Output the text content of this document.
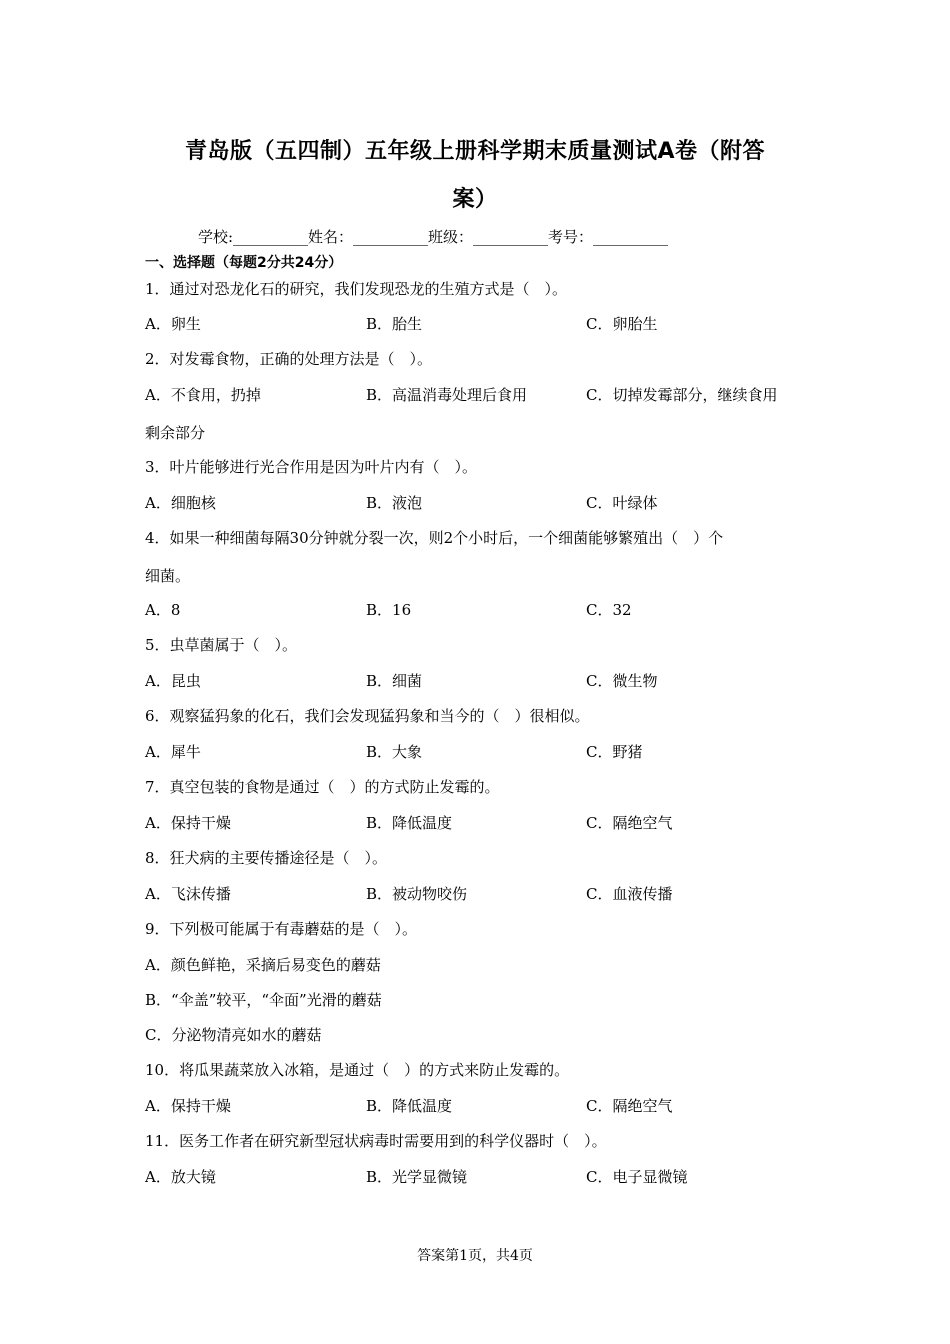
青岛版（五四制）五年级上册科学期末质量测试A卷（附答
案）
学校:__________姓名：__________班级：__________考号：__________
一、选择题（每题2分共24分）
1．通过对恐龙化石的研究，我们发现恐龙的生殖方式是（　）。
A．卵生	B．胎生	C．卵胎生
2．对发霉食物，正确的处理方法是（　）。
A．不食用，扔掉	B．高温消毒处理后食用	C．切掉发霉部分，继续食用
剩余部分
3．叶片能够进行光合作用是因为叶片内有（　）。
A．细胞核	B．液泡	C．叶绿体
4．如果一种细菌每隔30分钟就分裂一次，则2个小时后，一个细菌能够繁殖出（　）个
细菌。
A．8	B．16	C．32
5．虫草菌属于（　）。
A．昆虫	B．细菌	C．微生物
6．观察猛犸象的化石，我们会发现猛犸象和当今的（　）很相似。
A．犀牛	B．大象	C．野猪
7．真空包装的食物是通过（　）的方式防止发霉的。
A．保持干燥	B．降低温度	C．隔绝空气
8．狂犬病的主要传播途径是（　）。
A．飞沫传播	B．被动物咬伤	C．血液传播
9．下列极可能属于有毒蘑菇的是（　）。
A．颜色鲜艳，采摘后易变色的蘑菇
B．“伞盖”较平，“伞面”光滑的蘑菇
C．分泌物清亮如水的蘑菇
10．将瓜果蔬菜放入冰箱，是通过（　）的方式来防止发霉的。
A．保持干燥	B．降低温度	C．隔绝空气
11．医务工作者在研究新型冠状病毒时需要用到的科学仪器时（　）。
A．放大镜	B．光学显微镜	C．电子显微镜
答案第1页，共4页
